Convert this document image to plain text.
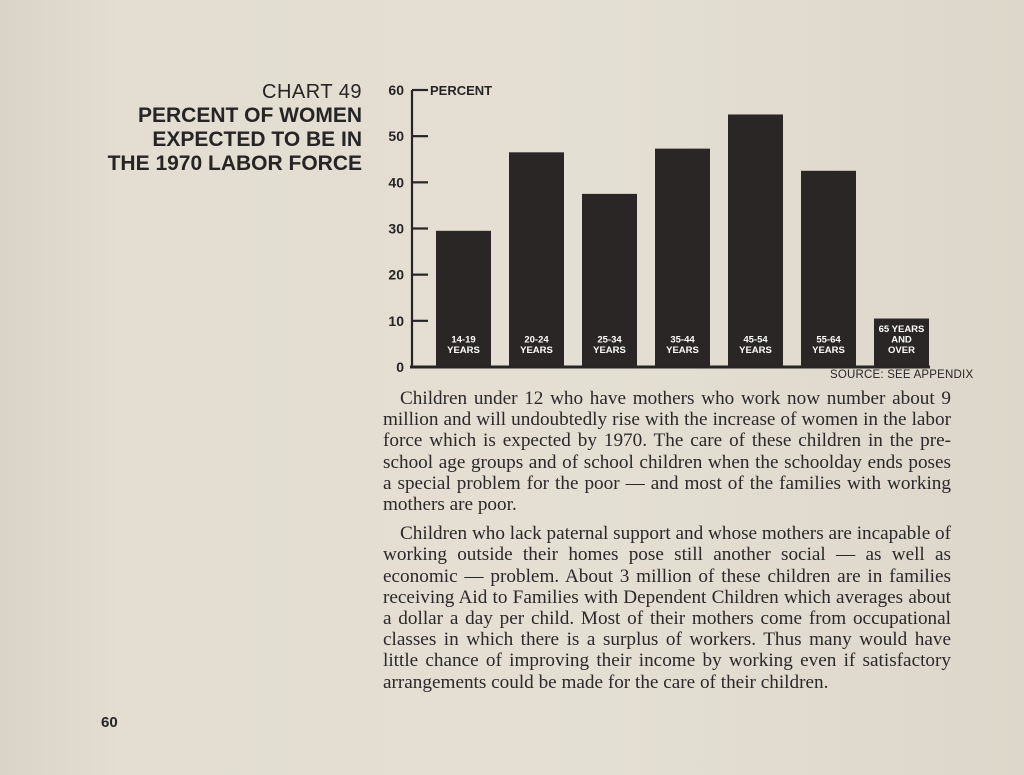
CHART 49
PERCENT OF WOMEN
EXPECTED TO BE IN
THE 1970 LABOR FORCE
0
10
20
30
40
50
60 PERCENT
14-19
YEARS
20-24
YEARS
25-34
YEARS
35-44
YEARS
45-54
YEARS
55-64
YEARS
65 YEARS
AND
OVER
SOURCE: SEE APPENDIX

Children under 12 who have mothers who work now number about 9 million and will undoubtedly rise with the increase of women in the labor force which is expected by 1970. The care of these children in the pre-school age groups and of school children when the schoolday ends poses a special problem for the poor — and most of the families with working mothers are poor.

Children who lack paternal support and whose mothers are incapable of working outside their homes pose still another social — as well as economic — problem. About 3 million of these children are in families receiving Aid to Families with Dependent Children which averages about a dollar a day per child. Most of their mothers come from occupational classes in which there is a surplus of workers. Thus many would have little chance of improving their income by working even if satisfactory arrangements could be made for the care of their children.

60
